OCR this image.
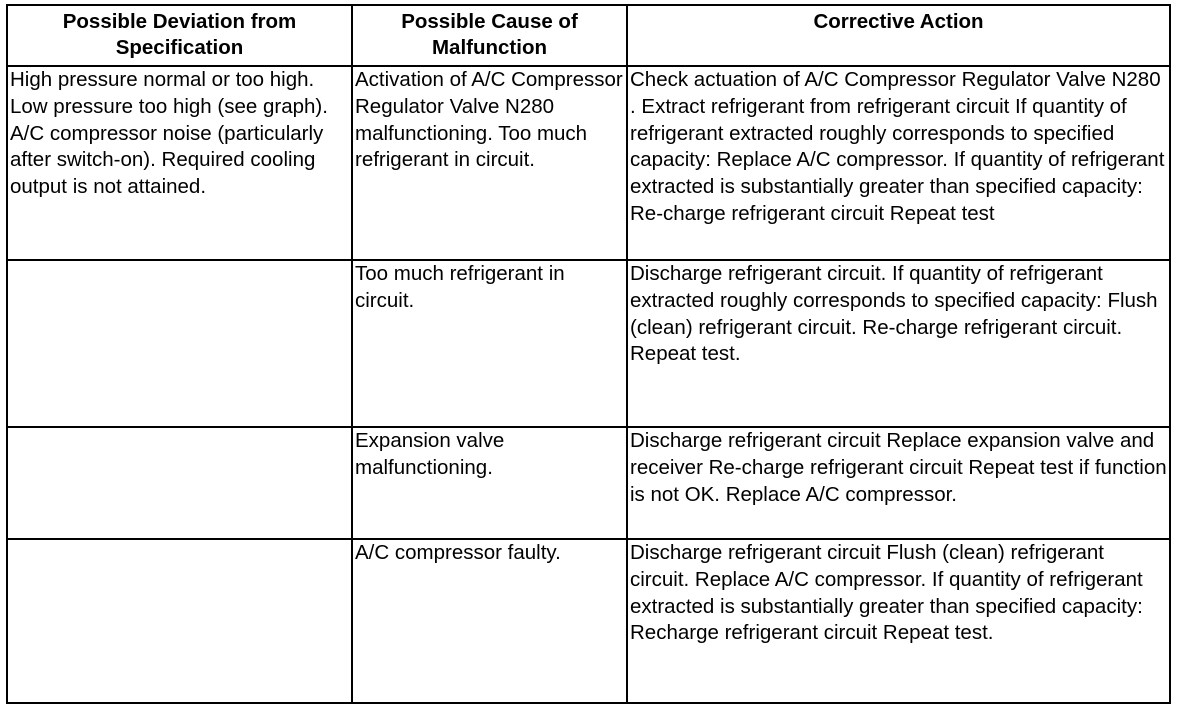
Possible Deviation from Specification	Possible Cause of Malfunction	Corrective Action
High pressure normal or too high. Low pressure too high (see graph). A/C compressor noise (particularly after switch-on). Required cooling output is not attained.	Activation of A/C Compressor Regulator Valve N280 malfunctioning. Too much refrigerant in circuit.	Check actuation of A/C Compressor Regulator Valve N280 . Extract refrigerant from refrigerant circuit If quantity of refrigerant extracted roughly corresponds to specified capacity: Replace A/C compressor. If quantity of refrigerant extracted is substantially greater than specified capacity: Re-charge refrigerant circuit Repeat test
	Too much refrigerant in circuit.	Discharge refrigerant circuit. If quantity of refrigerant extracted roughly corresponds to specified capacity: Flush (clean) refrigerant circuit. Re-charge refrigerant circuit. Repeat test.
	Expansion valve malfunctioning.	Discharge refrigerant circuit Replace expansion valve and receiver Re-charge refrigerant circuit Repeat test if function is not OK. Replace A/C compressor.
	A/C compressor faulty.	Discharge refrigerant circuit Flush (clean) refrigerant circuit. Replace A/C compressor. If quantity of refrigerant extracted is substantially greater than specified capacity: Recharge refrigerant circuit Repeat test.
